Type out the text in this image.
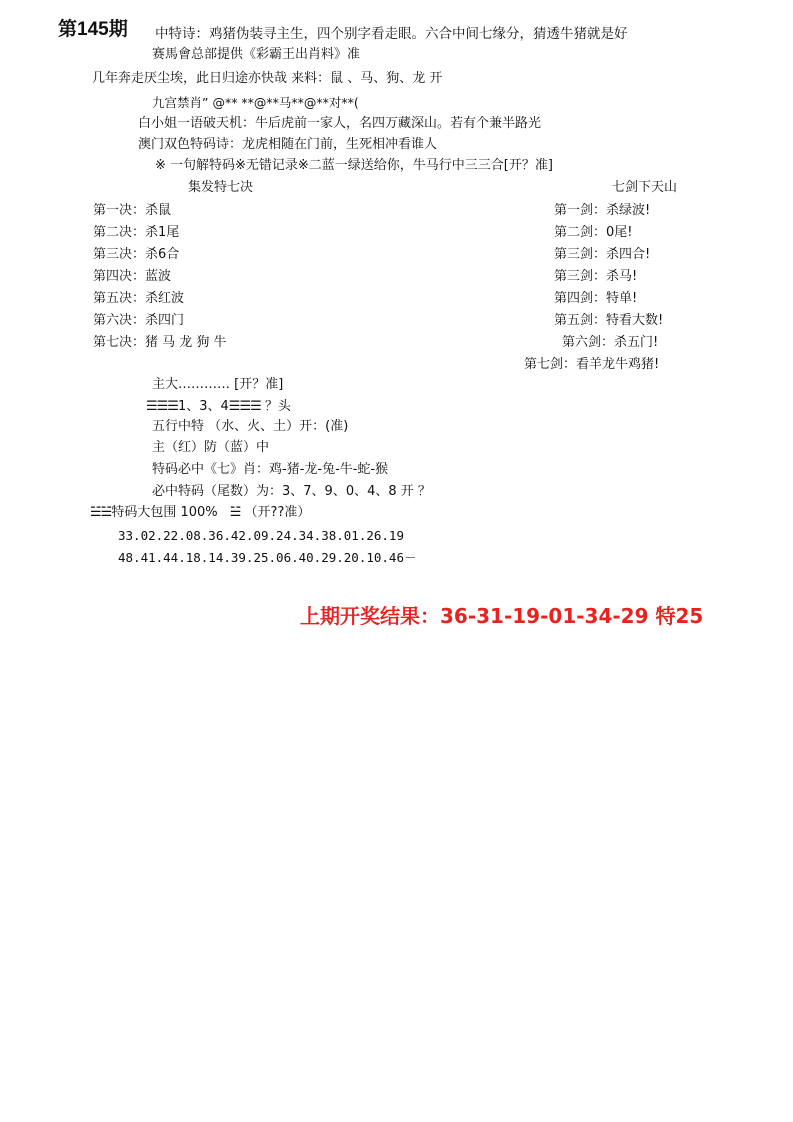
第145期 中特诗：鸡猪伪装寻主生，四个别字看走眼。六合中间七缘分，猜透牛猪就是好
赛馬會总部提供《彩霸王出肖料》准
几年奔走厌尘埃，此日归途亦快哉 来料：鼠 、马、狗、龙 开
九宫禁肖” @** **@**马**@**对**(
白小姐一语破天机：牛后虎前一家人，名四万藏深山。若有个兼半路光
澳门双色特码诗：龙虎相随在门前，生死相冲看谁人
※ 一句解特码※无错记录※二蓝一绿送给你，牛马行中三三合[开？准]
集发特七决	七剑下天山
第一决：杀鼠
第二决：杀1尾
第三决：杀6合
第四决：蓝波
第五决：杀红波
第六决：杀四门
第七决：猪 马 龙 狗 牛
第一剑：杀绿波!
第二剑：0尾!
第三剑：杀四合!
第三剑：杀马!
第四剑：特单!
第五剑：特看大数!
第六剑：杀五门!
第七剑：看羊龙牛鸡猪!
主大………… [开？准]
☰☰☰1、3、4☰☰☰ ？头
五行中特 （水、火、土）开：(准)
主（红）防（蓝）中
特码必中《七》肖：鸡-猪-龙-兔-牛-蛇-猴
必中特码（尾数）为：3、7、9、0、4、8 开 ？
☱☱特码大包围 100% ☱ （开??准）
33.02.22.08.36.42.09.24.34.38.01.26.19
48.41.44.18.14.39.25.06.40.29.20.10.46－
上期开奖结果：36-31-19-01-34-29 特25
